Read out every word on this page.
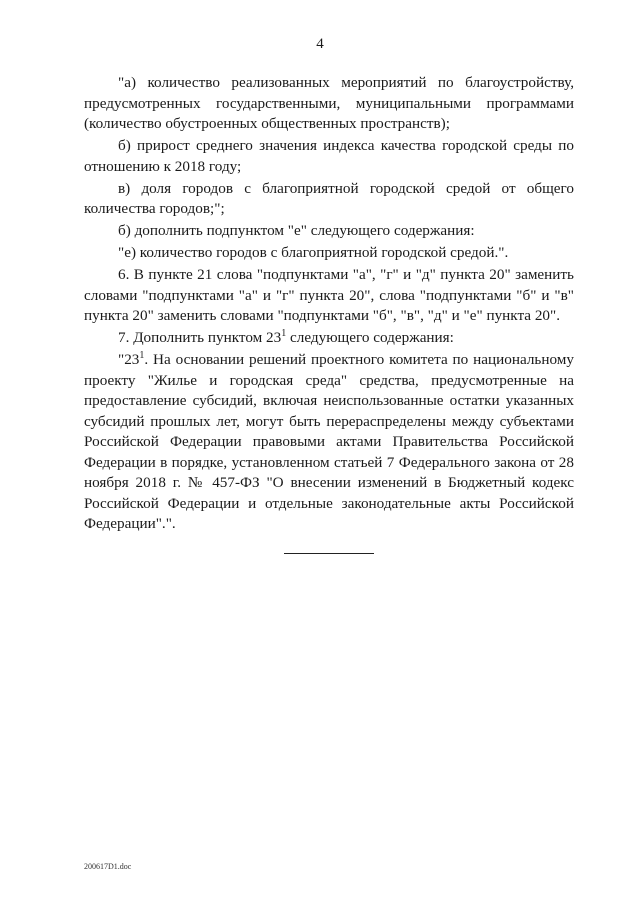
4

"а) количество реализованных мероприятий по благоустройству, предусмотренных государственными, муниципальными программами (количество обустроенных общественных пространств);

б) прирост среднего значения индекса качества городской среды по отношению к 2018 году;

в) доля городов с благоприятной городской средой от общего количества городов;";

б) дополнить подпунктом "е" следующего содержания:

"е) количество городов с благоприятной городской средой.".

6. В пункте 21 слова "подпунктами "а", "г" и "д" пункта 20" заменить словами "подпунктами "а" и "г" пункта 20", слова "подпунктами "б" и "в" пункта 20" заменить словами "подпунктами "б", "в", "д" и "е" пункта 20".

7. Дополнить пунктом $23^1$ следующего содержания:

"$23^1$. На основании решений проектного комитета по национальному проекту "Жилье и городская среда" средства, предусмотренные на предоставление субсидий, включая неиспользованные остатки указанных субсидий прошлых лет, могут быть перераспределены между субъектами Российской Федерации правовыми актами Правительства Российской Федерации в порядке, установленном статьей 7 Федерального закона от 28 ноября 2018 г. № 457-ФЗ "О внесении изменений в Бюджетный кодекс Российской Федерации и отдельные законодательные акты Российской Федерации".".

200617D1.doc
